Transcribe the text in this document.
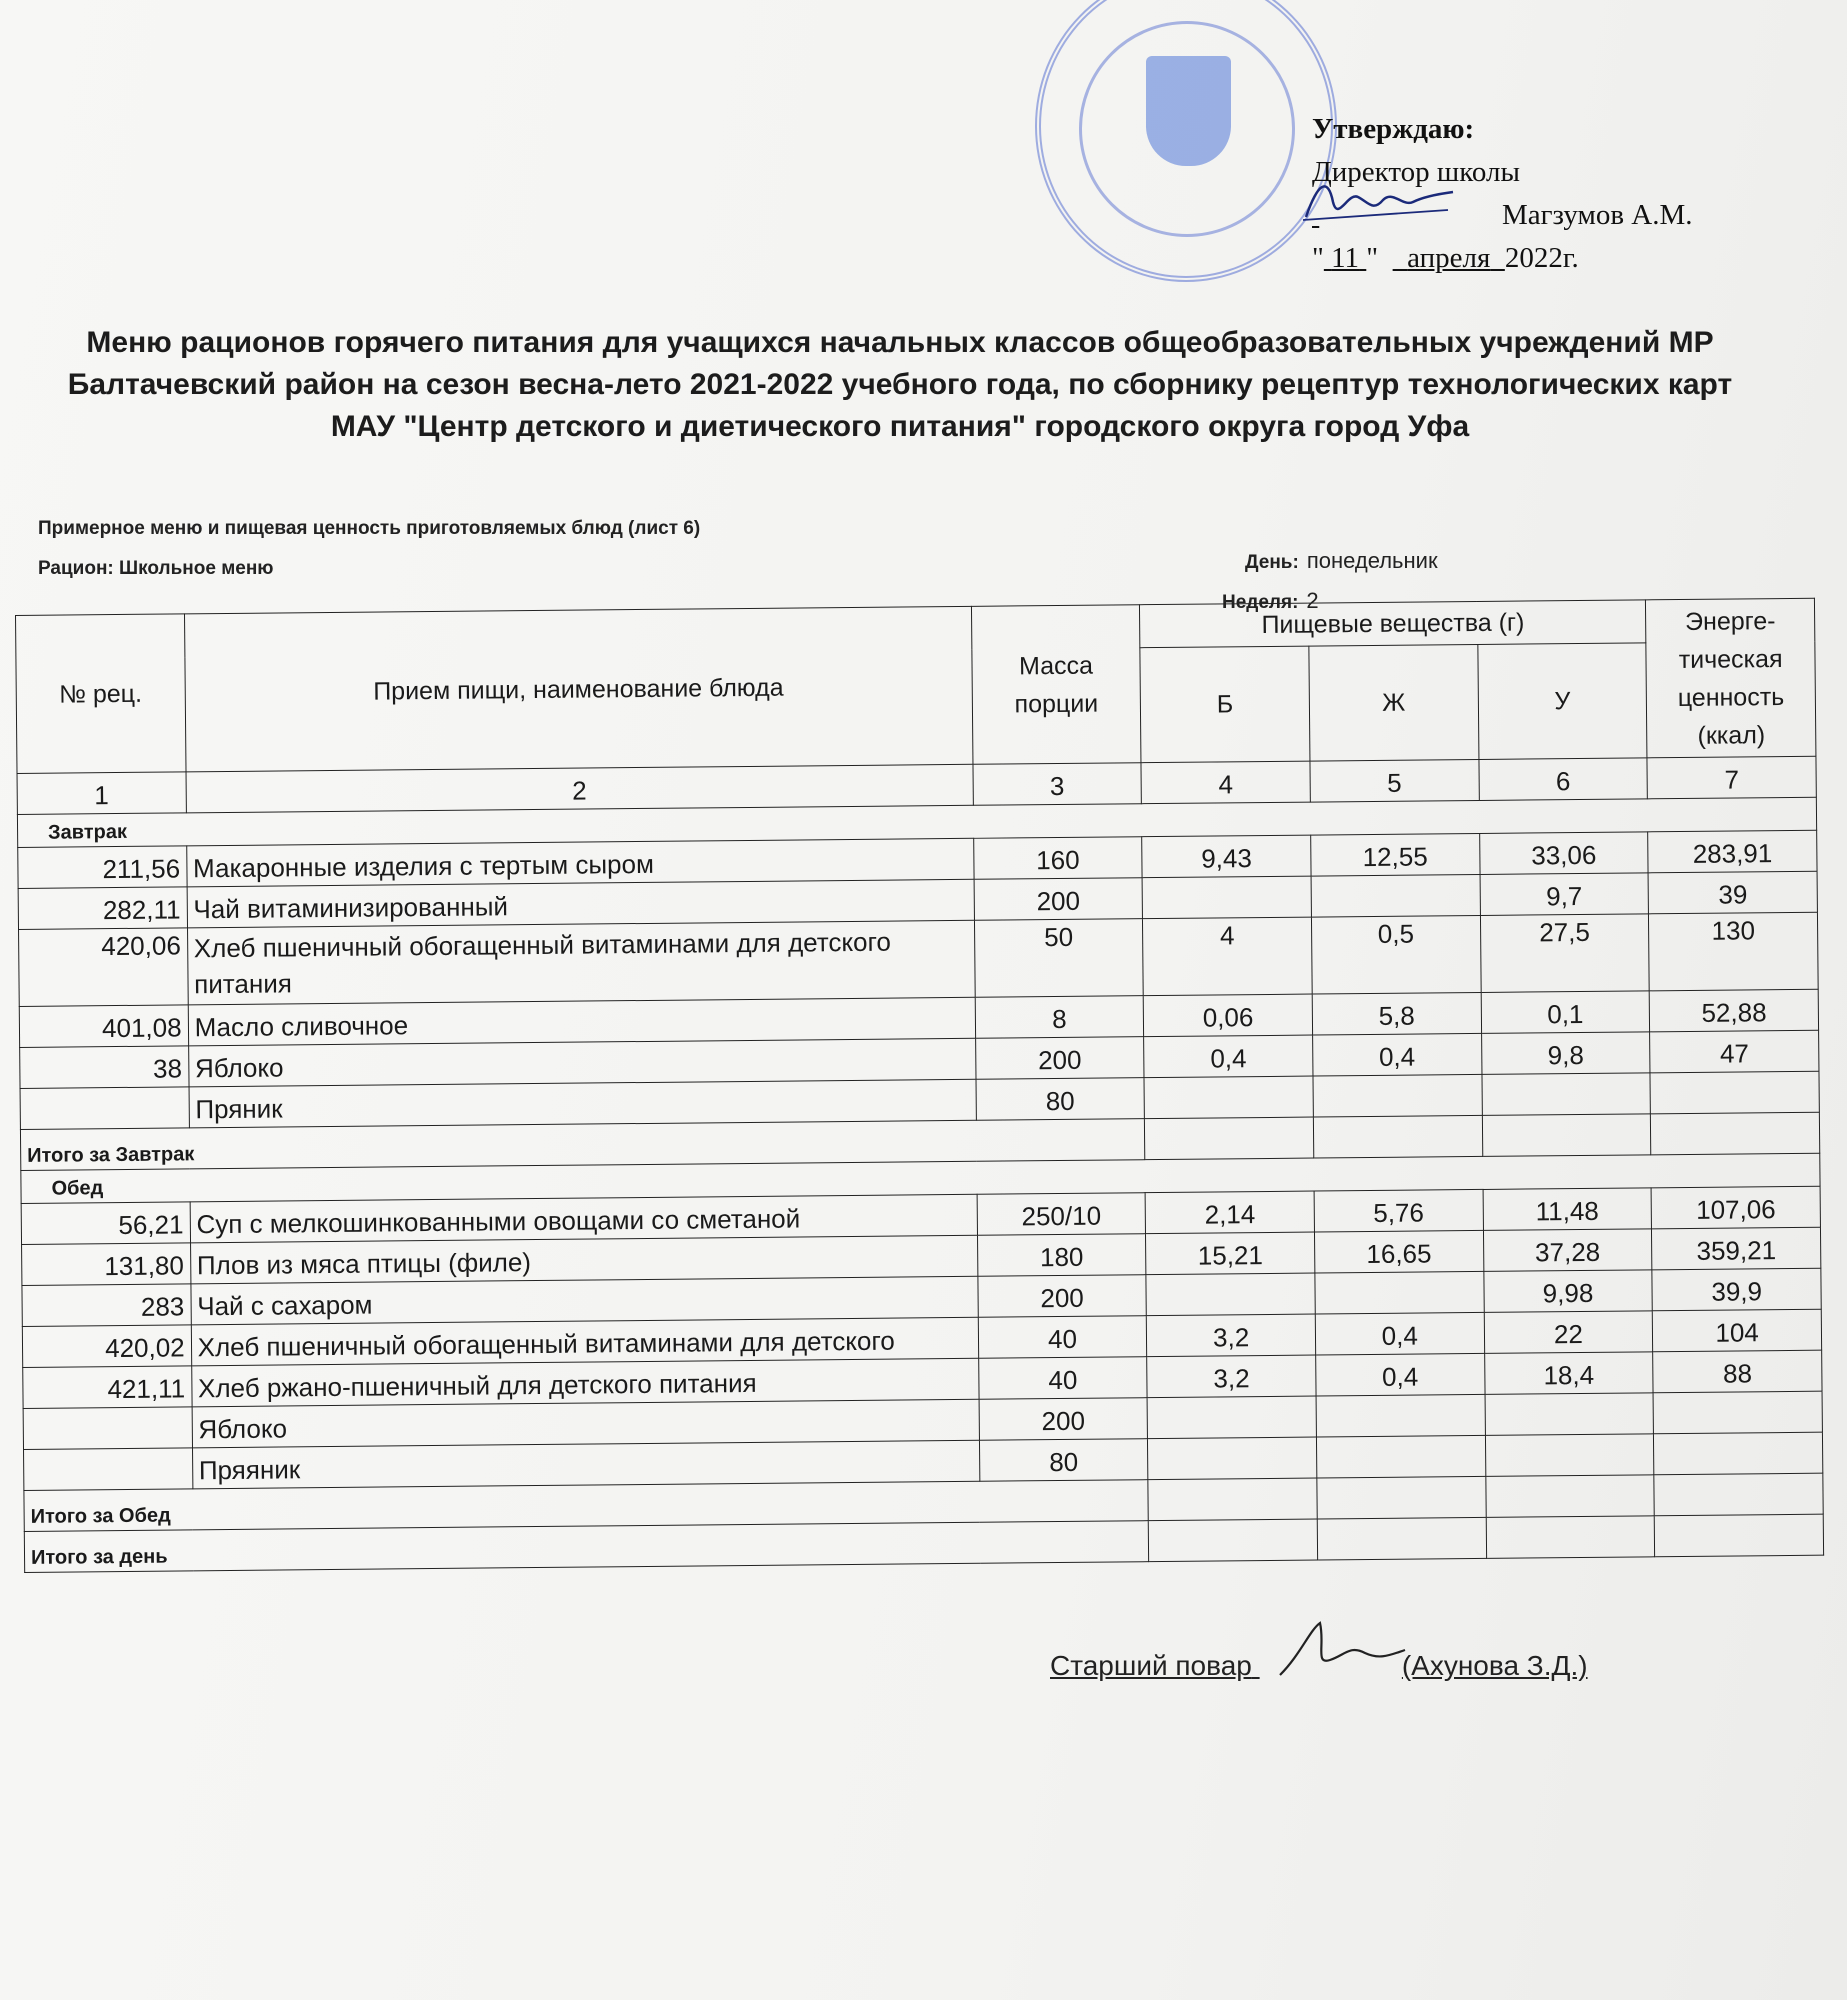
Утверждаю:
Директор школы
Магзумов А.М.
" 11 "    апреля 2022г.
Меню рационов горячего питания для учащихся начальных классов общеобразовательных учреждений МР Балтачевский район на сезон весна-лето 2021-2022 учебного года, по сборнику рецептур технологических карт МАУ "Центр детского и диетического питания" городского округа город Уфа
Примерное меню и пищевая ценность приготовляемых блюд (лист 6)
Рацион: Школьное меню	День: понедельник
Неделя: 2
№ рец.	Прием пищи, наименование блюда	Масса порции	Пищевые вещества (г)			Энерге-тическая ценность (ккал)
			Б	Ж	У	
1	2	3	4	5	6	7
Завтрак						
211,56	Макаронные изделия с тертым сыром	160	9,43	12,55	33,06	283,91
282,11	Чай витаминизированный	200			9,7	39
420,06	Хлеб пшеничный обогащенный витаминами для детского питания	50	4	0,5	27,5	130
401,08	Масло сливочное	8	0,06	5,8	0,1	52,88
38	Яблоко	200	0,4	0,4	9,8	47
	Пряник	80				
Итого за Завтрак						
Обед						
56,21	Суп с мелкошинкованными овощами со сметаной	250/10	2,14	5,76	11,48	107,06
131,80	Плов из мяса птицы (филе)	180	15,21	16,65	37,28	359,21
283	Чай с сахаром	200			9,98	39,9
420,02	Хлеб пшеничный обогащенный витаминами для детского	40	3,2	0,4	22	104
421,11	Хлеб ржано-пшеничный для детского питания	40	3,2	0,4	18,4	88
	Яблоко	200				
	Пряяник	80				
Итого за Обед						
Итого за день						
Старший повар	(Ахунова З.Д.)
